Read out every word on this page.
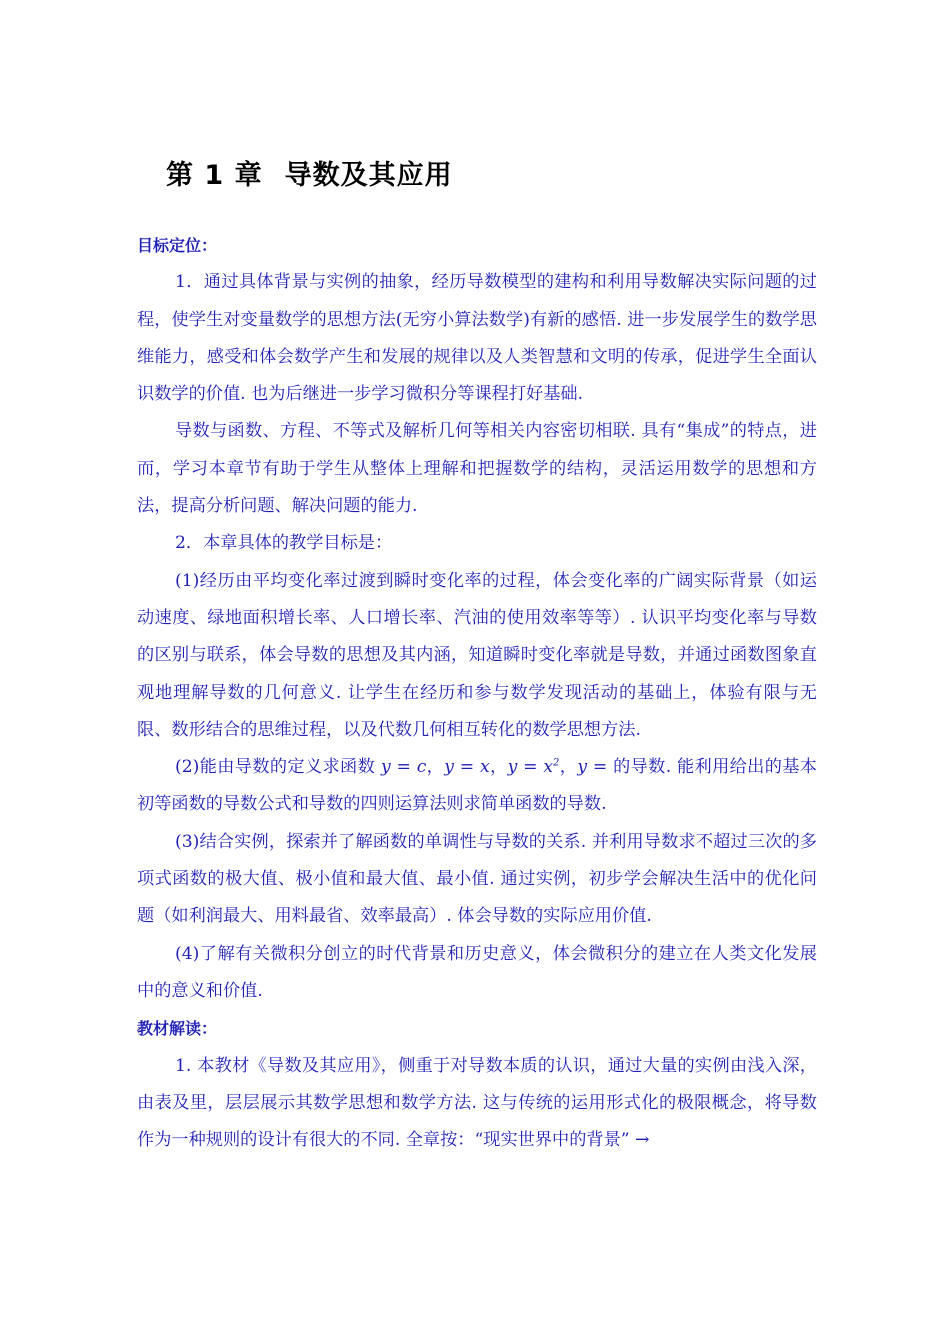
第 1 章 导数及其应用

目标定位：

1．通过具体背景与实例的抽象，经历导数模型的建构和利用导数解决实际问题的过程，使学生对变量数学的思想方法(无穷小算法数学)有新的感悟. 进一步发展学生的数学思维能力，感受和体会数学产生和发展的规律以及人类智慧和文明的传承，促进学生全面认识数学的价值. 也为后继进一步学习微积分等课程打好基础.

导数与函数、方程、不等式及解析几何等相关内容密切相联. 具有“集成”的特点，进而，学习本章节有助于学生从整体上理解和把握数学的结构，灵活运用数学的思想和方法，提高分析问题、解决问题的能力.

2．本章具体的教学目标是：

(1)经历由平均变化率过渡到瞬时变化率的过程，体会变化率的广阔实际背景（如运动速度、绿地面积增长率、人口增长率、汽油的使用效率等等）. 认识平均变化率与导数的区别与联系，体会导数的思想及其内涵，知道瞬时变化率就是导数，并通过函数图象直观地理解导数的几何意义. 让学生在经历和参与数学发现活动的基础上，体验有限与无限、数形结合的思维过程，以及代数几何相互转化的数学思想方法.

(2)能由导数的定义求函数 y = c，y = x，$y = x^2$，y = 的导数. 能利用给出的基本初等函数的导数公式和导数的四则运算法则求简单函数的导数.

(3)结合实例，探索并了解函数的单调性与导数的关系. 并利用导数求不超过三次的多项式函数的极大值、极小值和最大值、最小值. 通过实例，初步学会解决生活中的优化问题（如利润最大、用料最省、效率最高）. 体会导数的实际应用价值.

(4)了解有关微积分创立的时代背景和历史意义，体会微积分的建立在人类文化发展中的意义和价值.

教材解读：

1. 本教材《导数及其应用》，侧重于对导数本质的认识，通过大量的实例由浅入深，由表及里，层层展示其数学思想和数学方法. 这与传统的运用形式化的极限概念，将导数作为一种规则的设计有很大的不同. 全章按：“现实世界中的背景” →
